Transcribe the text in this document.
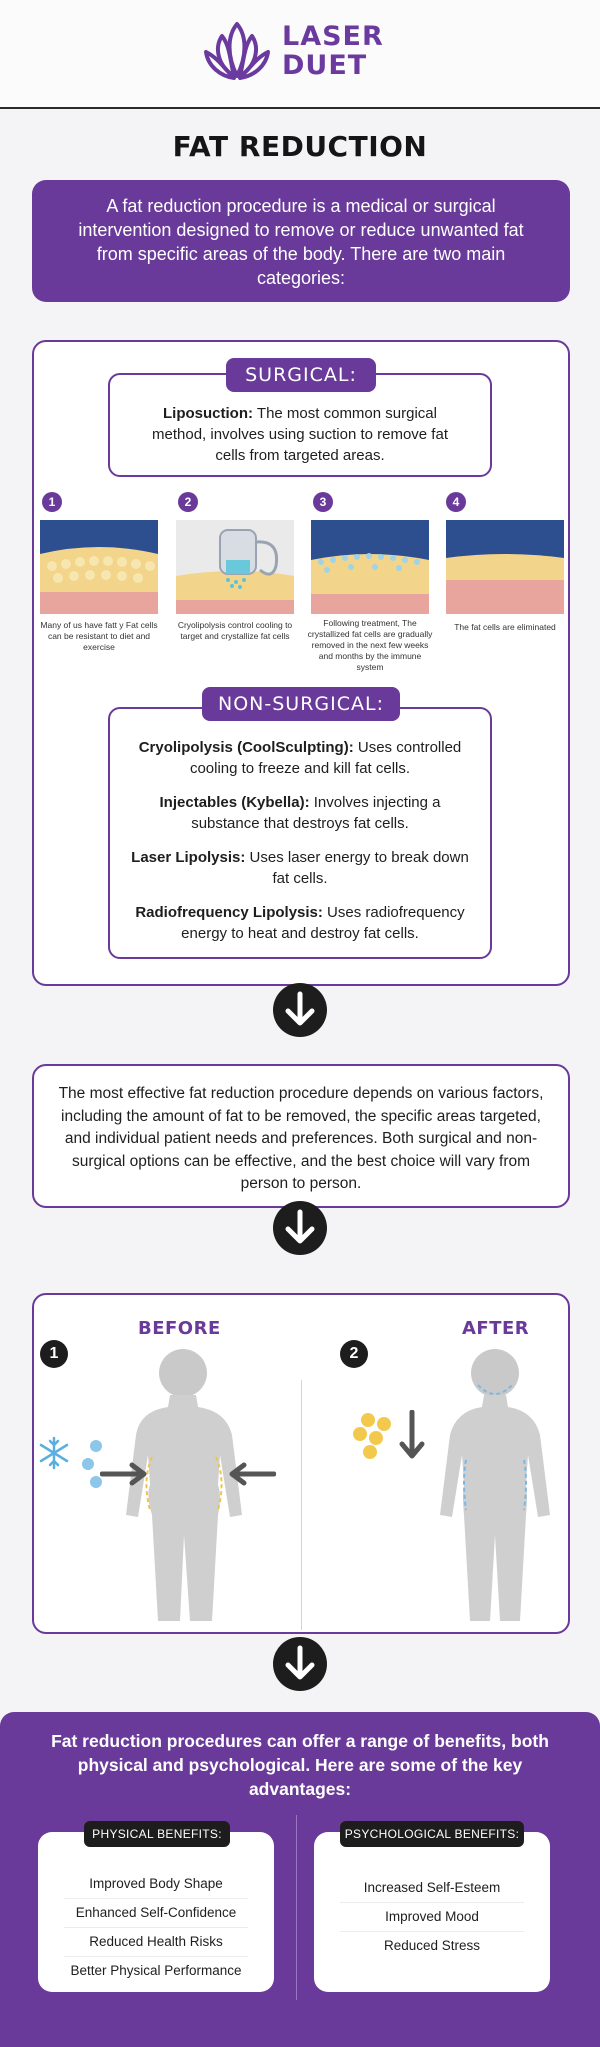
LASER
DUET
FAT REDUCTION
A fat reduction procedure is a medical or surgical intervention designed to remove or reduce unwanted fat from specific areas of the body. There are two main categories:
Liposuction: The most common surgical method, involves using suction to remove fat cells from targeted areas.
SURGICAL:
1	2	3	4
Many of us have fatt y Fat cells can be resistant to diet and exercise
Cryolipolysis control cooling to target and crystallize fat cells
Following treatment, The crystallized fat cells are gradually removed in the next few weeks and months by the immune system
The fat cells are eliminated
Cryolipolysis (CoolSculpting): Uses controlled cooling to freeze and kill fat cells.
Injectables (Kybella): Involves injecting a substance that destroys fat cells.
Laser Lipolysis: Uses laser energy to break down fat cells.
Radiofrequency Lipolysis: Uses radiofrequency energy to heat and destroy fat cells.
NON-SURGICAL:
The most effective fat reduction procedure depends on various factors, including the amount of fat to be removed, the specific areas targeted, and individual patient needs and preferences. Both surgical and non-surgical options can be effective, and the best choice will vary from person to person.
1
BEFORE
2
AFTER
Fat reduction procedures can offer a range of benefits, both physical and psychological. Here are some of the key advantages:
Improved Body Shape
Enhanced Self-Confidence
Reduced Health Risks
Better Physical Performance
PHYSICAL BENEFITS:
Increased Self-Esteem
Improved Mood
Reduced Stress
PSYCHOLOGICAL BENEFITS:
